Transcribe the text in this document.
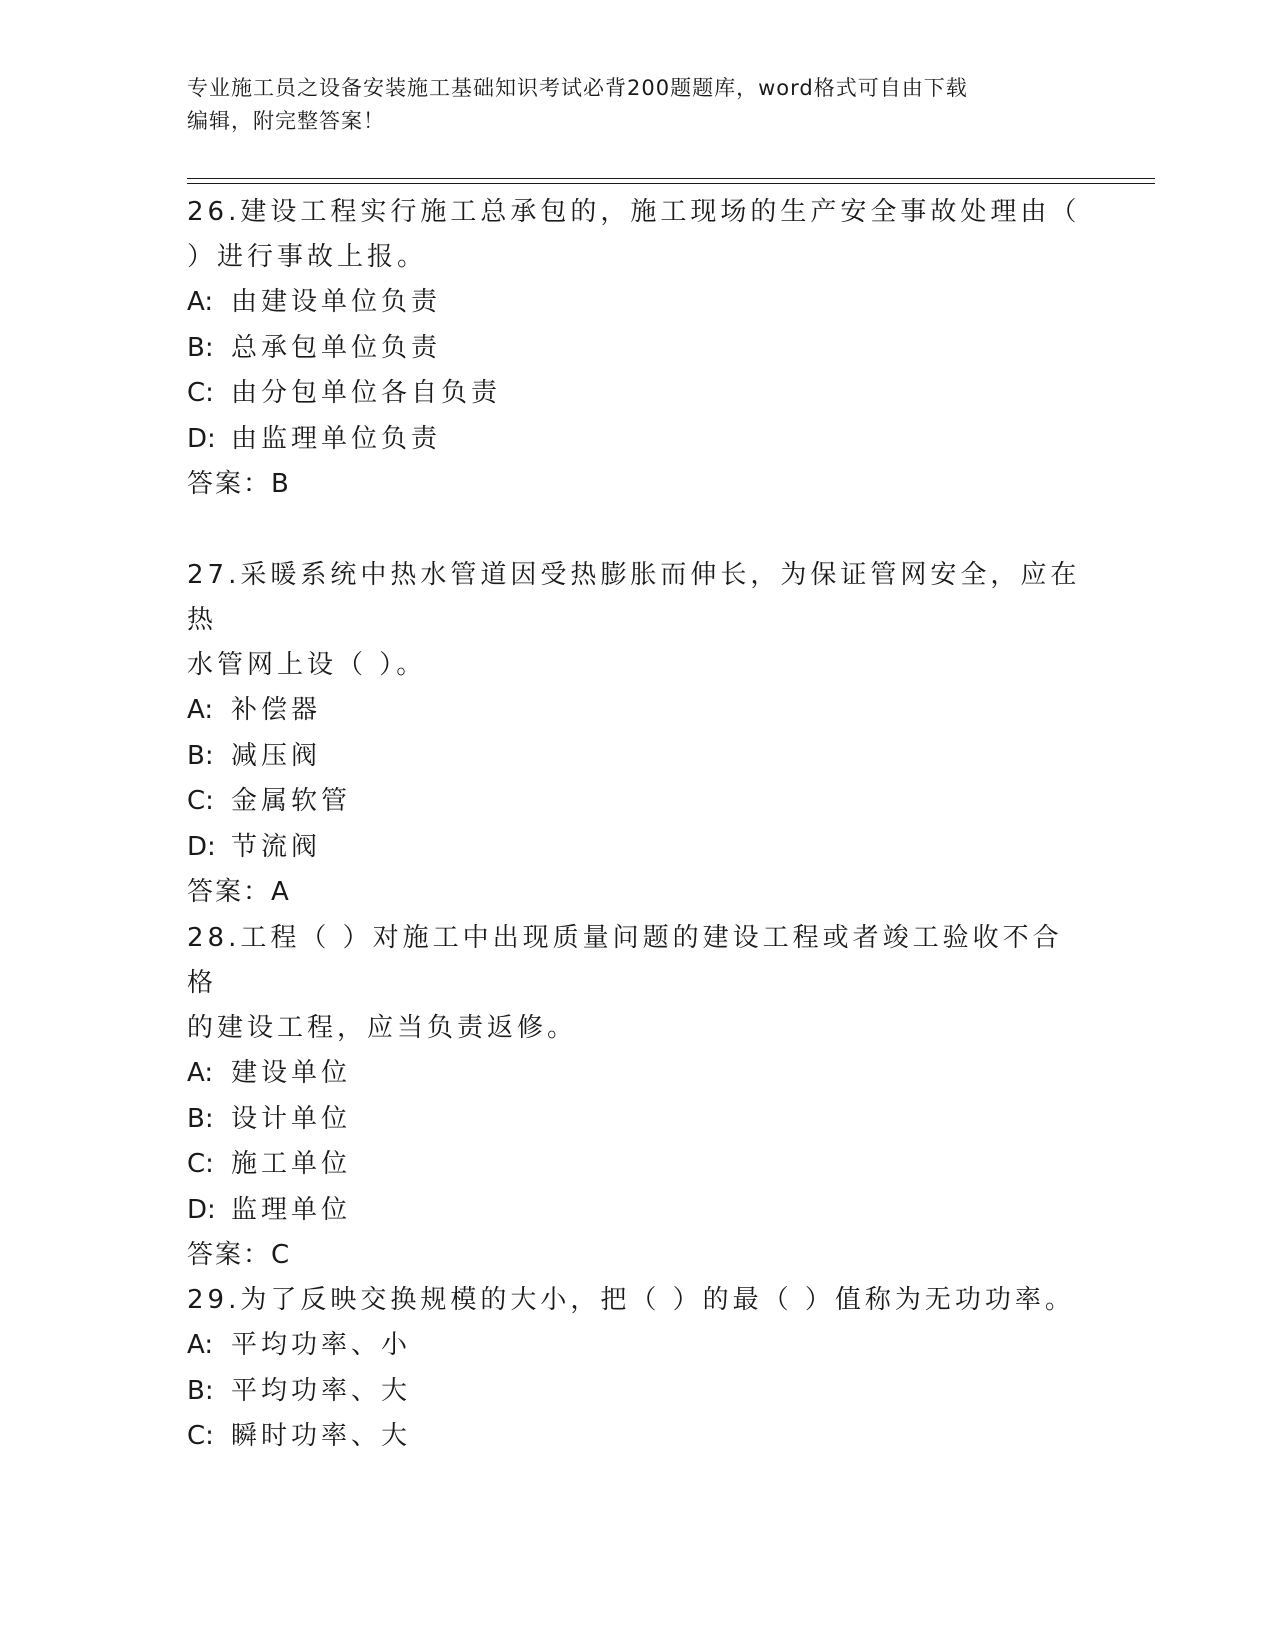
专业施工员之设备安装施工基础知识考试必背200题题库，word格式可自由下载
编辑，附完整答案！
26.建设工程实行施工总承包的，施工现场的生产安全事故处理由（
）进行事故上报。
A: 由建设单位负责
B: 总承包单位负责
C: 由分包单位各自负责
D: 由监理单位负责
答案：B
27.采暖系统中热水管道因受热膨胀而伸长，为保证管网安全，应在热
水管网上设（ ）。
A: 补偿器
B: 减压阀
C: 金属软管
D: 节流阀
答案：A
28.工程（ ）对施工中出现质量问题的建设工程或者竣工验收不合格
的建设工程，应当负责返修。
A: 建设单位
B: 设计单位
C: 施工单位
D: 监理单位
答案：C
29.为了反映交换规模的大小，把（ ）的最（ ）值称为无功功率。
A: 平均功率、小
B: 平均功率、大
C: 瞬时功率、大
